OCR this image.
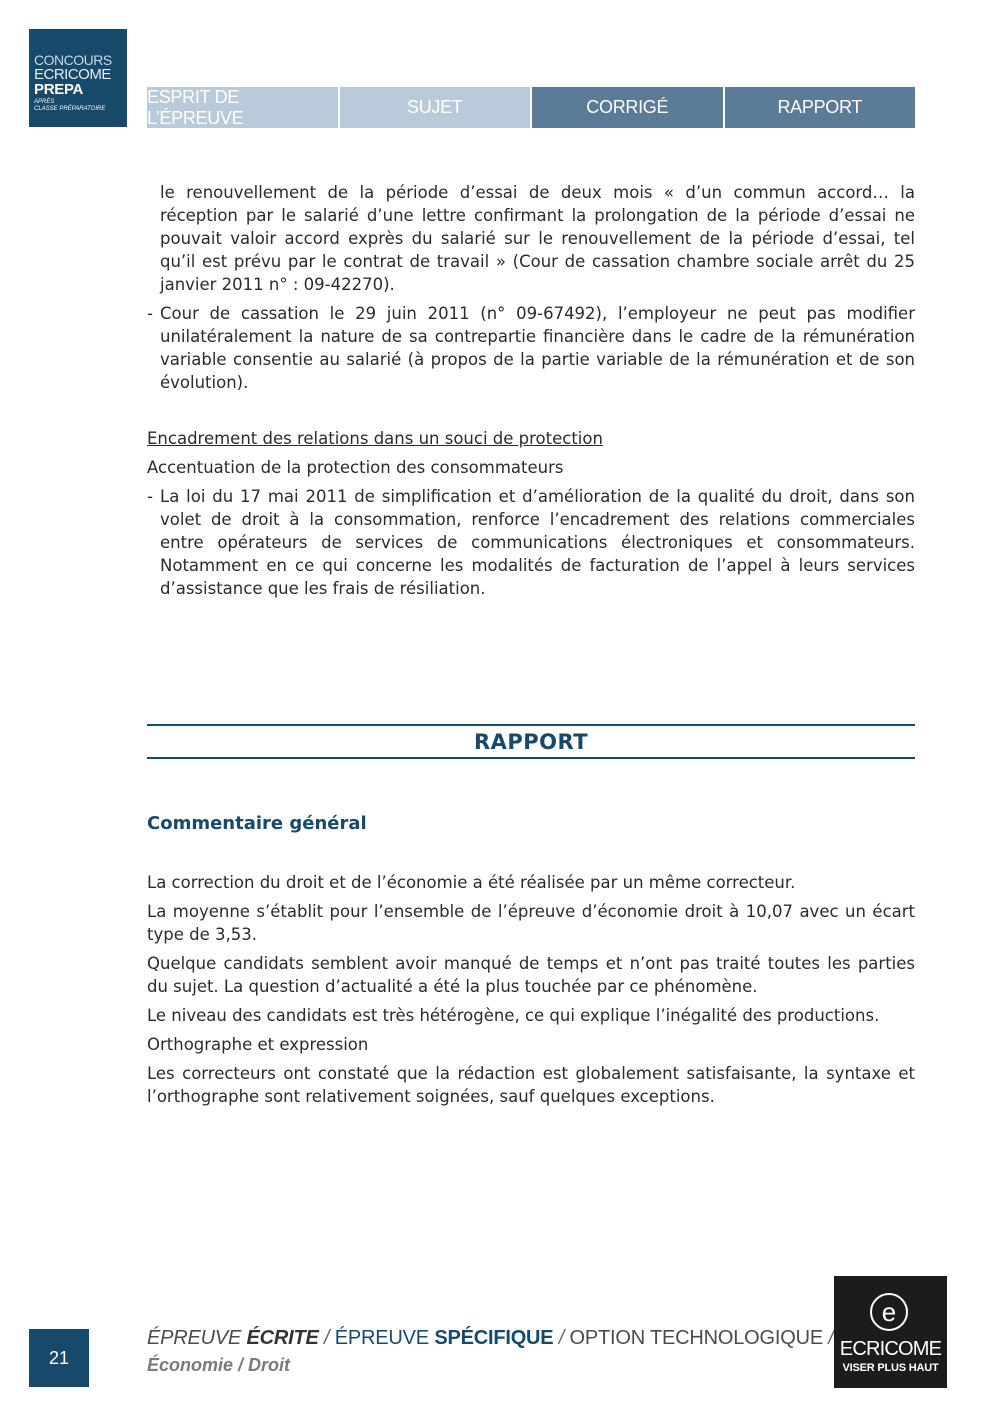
CONCOURS
ECRICOME
PREPA
APRÈS
CLASSE PRÉPARATOIRE
ESPRIT DE L’ÉPREUVE
SUJET	CORRIGÉ	RAPPORT

le renouvellement de la période d’essai de deux mois « d’un commun accord… la réception par le salarié d’une lettre confirmant la prolongation de la période d’essai ne pouvait valoir accord exprès du salarié sur le renouvellement de la période d’essai, tel qu’il est prévu par le contrat de travail » (Cour de cassation chambre sociale arrêt du 25 janvier 2011 n° : 09-42270).

- Cour de cassation le 29 juin 2011 (n° 09-67492), l’employeur ne peut pas modifier unilatéralement la nature de sa contrepartie financière dans le cadre de la rémunération variable consentie au salarié (à propos de la partie variable de la rémunération et de son évolution).

Encadrement des relations dans un souci de protection

Accentuation de la protection des consommateurs

- La loi du 17 mai 2011 de simplification et d’amélioration de la qualité du droit, dans son volet de droit à la consommation, renforce l’encadrement des relations commerciales entre opérateurs de services de communications électroniques et consommateurs. Notamment en ce qui concerne les modalités de facturation de l’appel à leurs services d’assistance que les frais de résiliation.
RAPPORT
Commentaire général

La correction du droit et de l’économie a été réalisée par un même correcteur.

La moyenne s’établit pour l’ensemble de l’épreuve d’économie droit à 10,07 avec un écart type de 3,53.

Quelque candidats semblent avoir manqué de temps et n’ont pas traité toutes les parties du sujet. La question d’actualité a été la plus touchée par ce phénomène.

Le niveau des candidats est très hétérogène, ce qui explique l’inégalité des productions.

Orthographe et expression

Les correcteurs ont constaté que la rédaction est globalement satisfaisante, la syntaxe et l’orthographe sont relativement soignées, sauf quelques exceptions.

21
ÉPREUVE ÉCRITE / ÉPREUVE SPÉCIFIQUE / OPTION TECHNOLOGIQUE /
Économie / Droit
e
ECRICOME
VISER PLUS HAUT
